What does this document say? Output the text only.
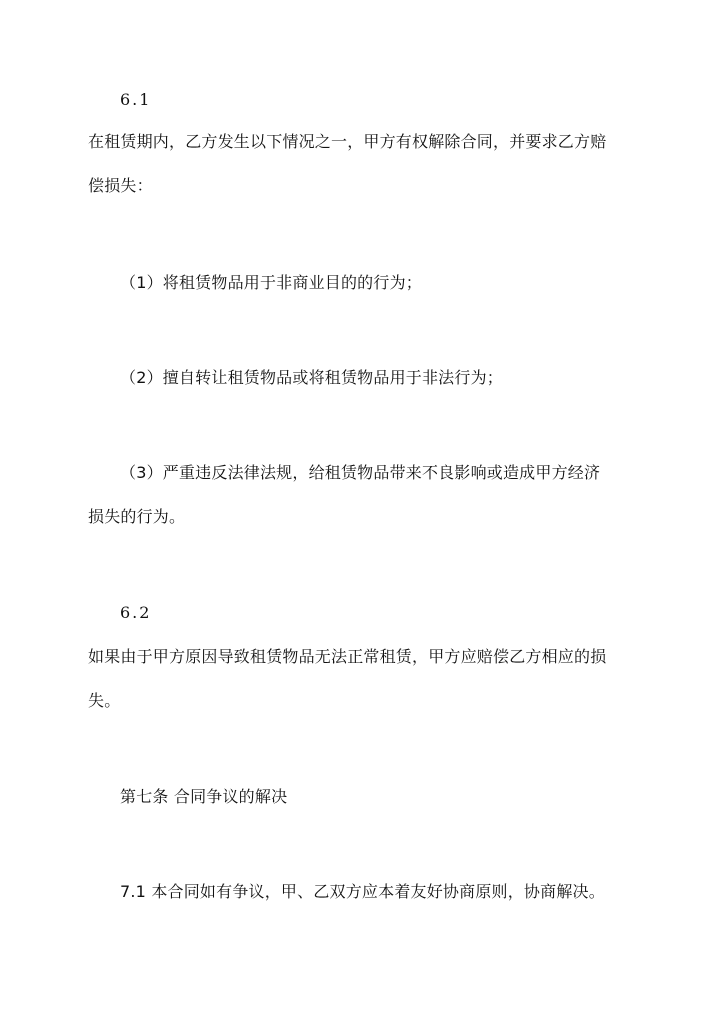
6.1
在租赁期内，乙方发生以下情况之一，甲方有权解除合同，并要求乙方赔
偿损失：
（1）将租赁物品用于非商业目的的行为；
（2）擅自转让租赁物品或将租赁物品用于非法行为；
（3）严重违反法律法规，给租赁物品带来不良影响或造成甲方经济
损失的行为。
6.2
如果由于甲方原因导致租赁物品无法正常租赁，甲方应赔偿乙方相应的损
失。
第七条 合同争议的解决
7.1 本合同如有争议，甲、乙双方应本着友好协商原则，协商解决。
